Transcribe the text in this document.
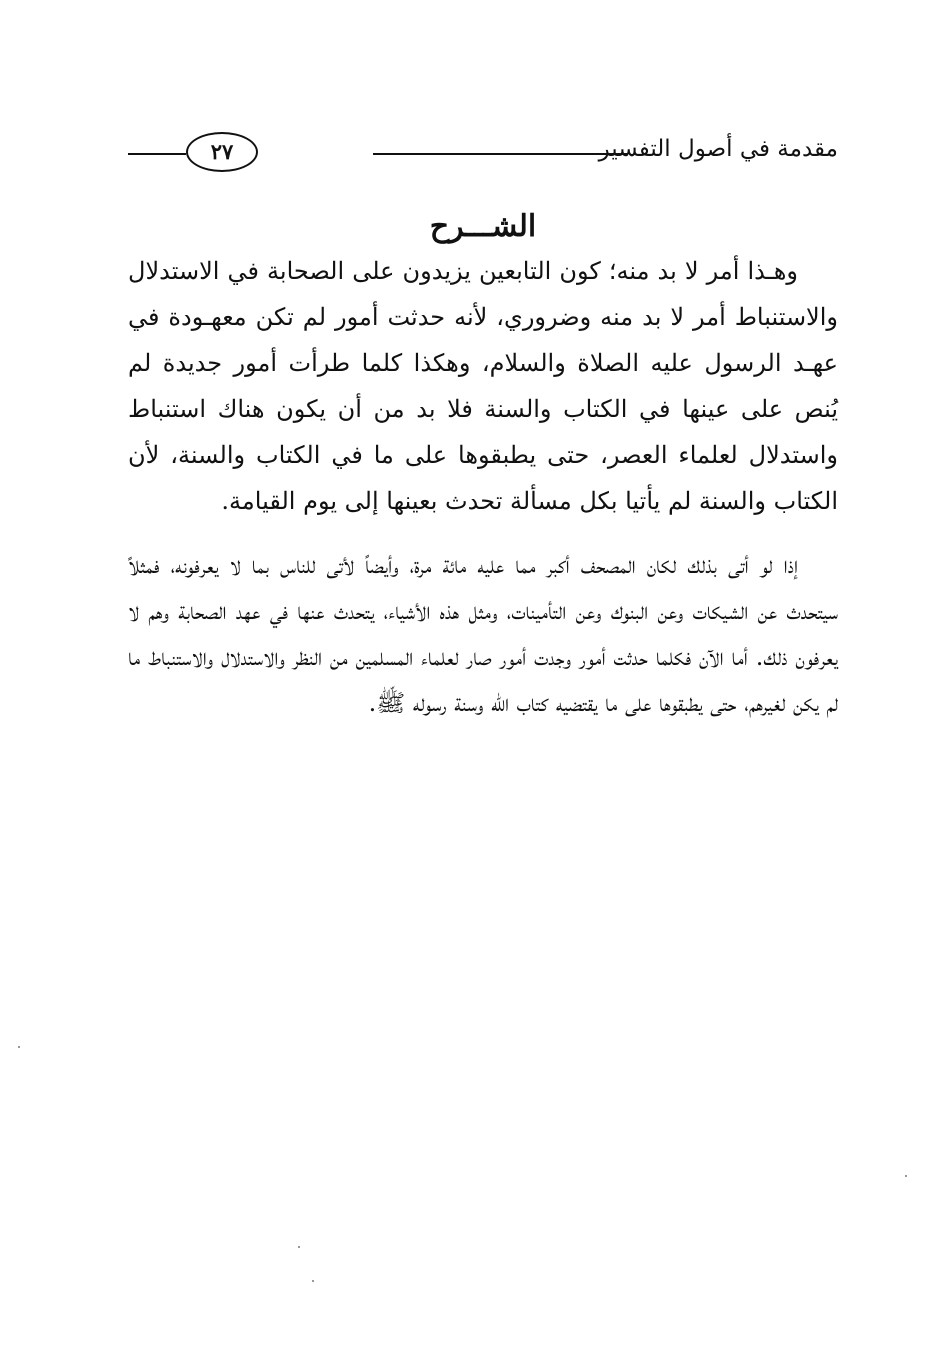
مقدمة في أصول التفسير
٢٧
الشـــرح

وهـذا أمر لا بد منه؛ كون التابعين يزيدون على الصحابة في الاستدلال والاستنباط أمر لا بد منه وضروري، لأنه حدثت أمور لم تكن معهـودة في عهـد الرسول عليه الصلاة والسلام، وهكذا كلما طرأت أمور جديدة لم يُنص على عينها في الكتاب والسنة فلا بد من أن يكون هناك استنباط واستدلال لعلماء العصر، حتى يطبقوها على ما في الكتاب والسنة، لأن الكتاب والسنة لم يأتيا بكل مسألة تحدث بعينها إلى يوم القيامة.

إذا لو أتى بذلك لكان المصحف أكبر مما عليه مائة مرة، وأيضاً لأتى للناس بما لا يعرفونه، فمثلاً سيتحدث عن الشيكات وعن البنوك وعن التأمينات، ومثل هذه الأشياء، يتحدث عنها في عهد الصحابة وهم لا يعرفون ذلك. أما الآن فكلما حدثت أمور وجدت أمور صار لعلماء المسلمين من النظر والاستدلال والاستنباط ما لم يكن لغيرهم، حتى يطبقوها على ما يقتضيه كتاب الله وسنة رسوله ﷺ.
